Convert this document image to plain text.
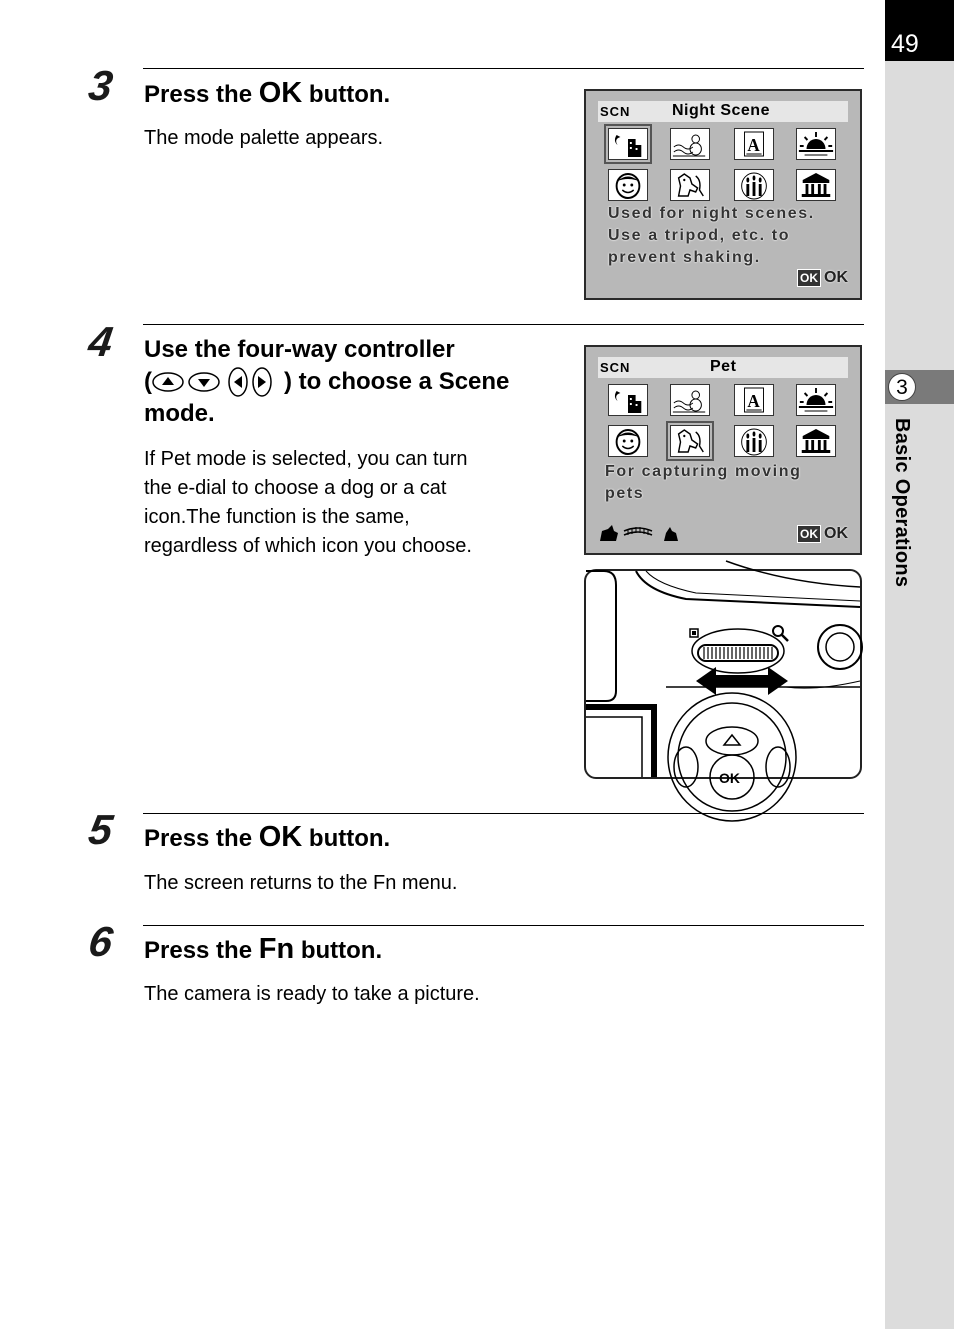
49
3
Basic Operations
3 Press the OK button.
The mode palette appears.
SCN	Night Scene
Used for night scenes.
Use a tripod, etc. to
prevent shaking.
OK OK
A
4 Use the four-way controller
(	) to choose a Scene
mode.
If Pet mode is selected, you can turn
the e-dial to choose a dog or a cat
icon.The function is the same,
regardless of which icon you choose.
SCN	Pet
For capturing moving
pets
OK OK
A
OK
5 Press the OK button.
The screen returns to the Fn menu.
6 Press the Fn button.
The camera is ready to take a picture.
